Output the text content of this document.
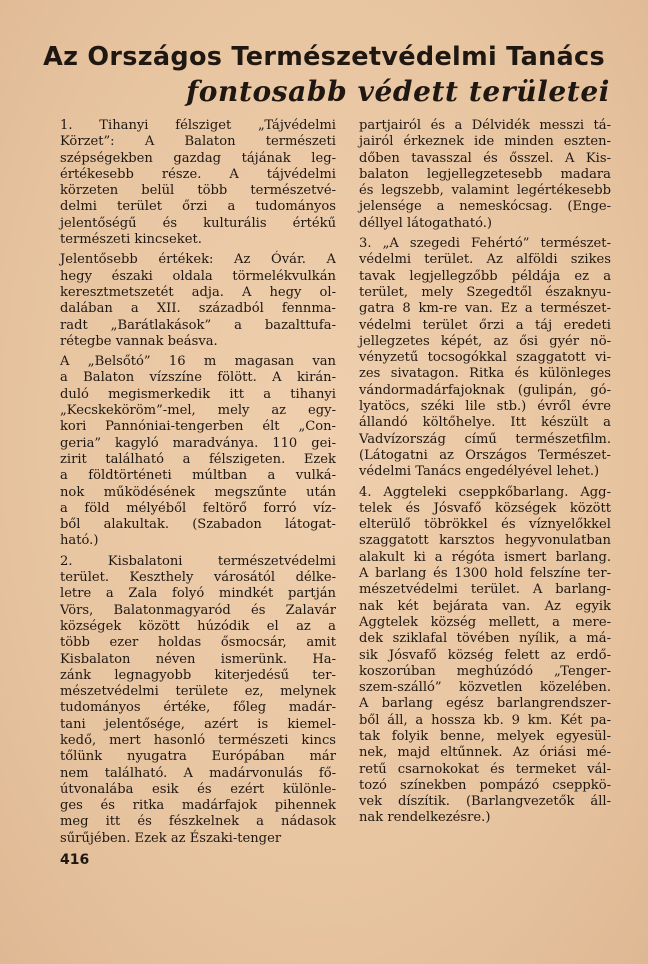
Az Országos Természetvédelmi Tanács
fontosabb védett területei

1. Tihanyi félsziget „Tájvédelmi

Körzet”: A Balaton természeti

szépségekben gazdag tájának leg-

értékesebb része. A tájvédelmi

körzeten belül több természetvé-

delmi terület őrzi a tudományos

jelentőségű és kulturális értékű

természeti kincseket.

Jelentősebb értékek: Az Óvár. A

hegy északi oldala törmelékvulkán

keresztmetszetét adja. A hegy ol-

dalában a XII. századból fennma-

radt „Barátlakások” a bazalttufa-

rétegbe vannak beásva.

A „Belsőtó” 16 m magasan van

a Balaton vízszíne fölött. A kirán-

duló megismerkedik itt a tihanyi

„Kecskeköröm”-mel, mely az egy-

kori Pannóniai-tengerben élt „Con-

geria” kagyló maradványa. 110 gei-

zirit található a félszigeten. Ezek

a földtörténeti múltban a vulká-

nok működésének megszűnte után

a föld mélyéből feltörő forró víz-

ből alakultak. (Szabadon látogat-

ható.)

2. Kisbalatoni természetvédelmi

terület. Keszthely városától délke-

letre a Zala folyó mindkét partján

Vörs, Balatonmagyaród és Zalavár

községek között húzódik el az a

több ezer holdas ősmocsár, amit

Kisbalaton néven ismerünk. Ha-

zánk legnagyobb kiterjedésű ter-

mészetvédelmi területe ez, melynek

tudományos értéke, főleg madár-

tani jelentősége, azért is kiemel-

kedő, mert hasonló természeti kincs

tőlünk nyugatra Európában már

nem található. A madárvonulás fő-

útvonalába esik és ezért különle-

ges és ritka madárfajok pihennek

meg itt és fészkelnek a nádasok

sűrűjében. Ezek az Északi-tenger

partjairól és a Délvidék messzi tá-

jairól érkeznek ide minden eszten-

dőben tavasszal és ősszel. A Kis-

balaton legjellegzetesebb madara

és legszebb, valamint legértékesebb

jelensége a nemeskócsag. (Enge-

déllyel látogatható.)

3. „A szegedi Fehértó” természet-

védelmi terület. Az alföldi szikes

tavak legjellegzőbb példája ez a

terület, mely Szegedtől északnyu-

gatra 8 km-re van. Ez a természet-

védelmi terület őrzi a táj eredeti

jellegzetes képét, az ősi gyér nö-

vényzetű tocsogókkal szaggatott vi-

zes sivatagon. Ritka és különleges

vándormadárfajoknak (gulipán, gó-

lyatöcs, széki lile stb.) évről évre

állandó költőhelye. Itt készült a

Vadvízország című természetfilm.

(Látogatni az Országos Természet-

védelmi Tanács engedélyével lehet.)

4. Aggteleki cseppkőbarlang. Agg-

telek és Jósvafő községek között

elterülő töbrökkel és víznyelőkkel

szaggatott karsztos hegyvonulatban

alakult ki a régóta ismert barlang.

A barlang és 1300 hold felszíne ter-

mészetvédelmi terület. A barlang-

nak két bejárata van. Az egyik

Aggtelek község mellett, a mere-

dek sziklafal tövében nyílik, a má-

sik Jósvafő község felett az erdő-

koszorúban meghúzódó „Tenger-

szem-szálló” közvetlen közelében.

A barlang egész barlangrendszer-

ből áll, a hossza kb. 9 km. Két pa-

tak folyik benne, melyek egyesül-

nek, majd eltűnnek. Az óriási mé-

retű csarnokokat és termeket vál-

tozó színekben pompázó cseppkö-

vek díszítik. (Barlangvezetők áll-

nak rendelkezésre.)

416
